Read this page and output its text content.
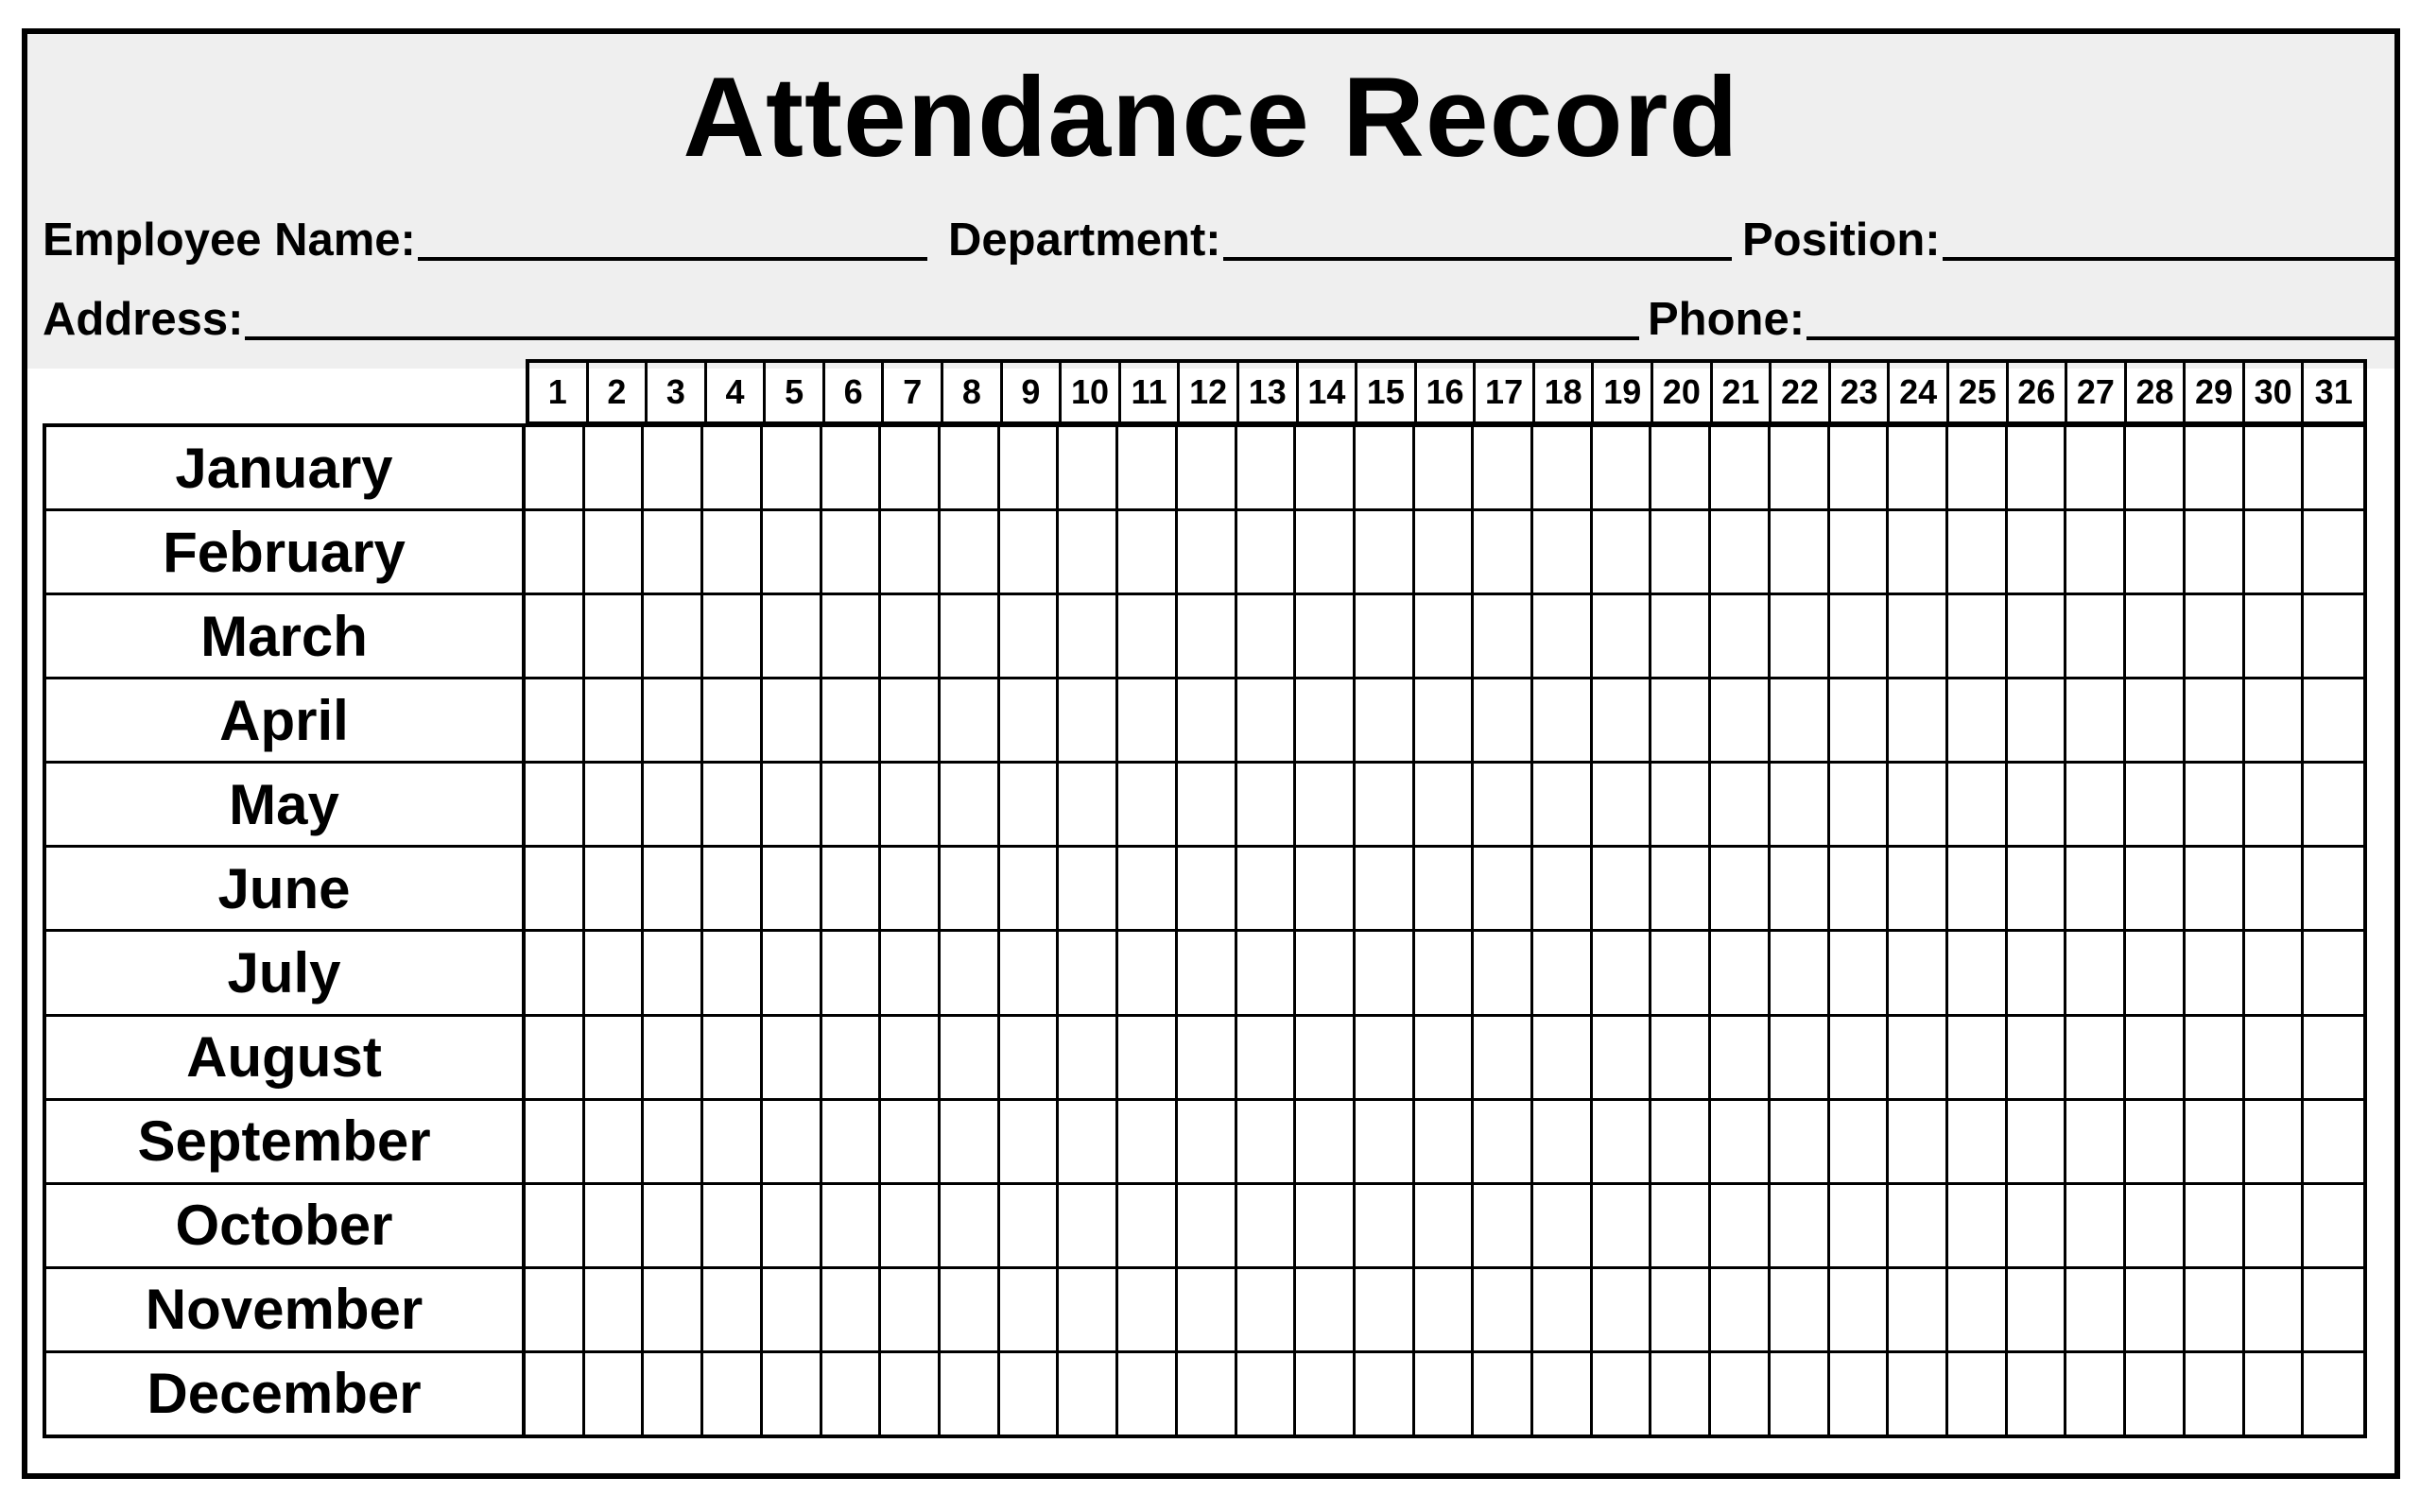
Attendance Record
Employee Name:	Department:	Position:
Address:	Phone:
1	2	3	4	5	6	7	8	9 10 11 12 13 14 15 16 17 18 19 20 21 22 23 24 25 26 27 28 29 30 31
January
February
March
April
May
June
July
August
September
October
November
December
